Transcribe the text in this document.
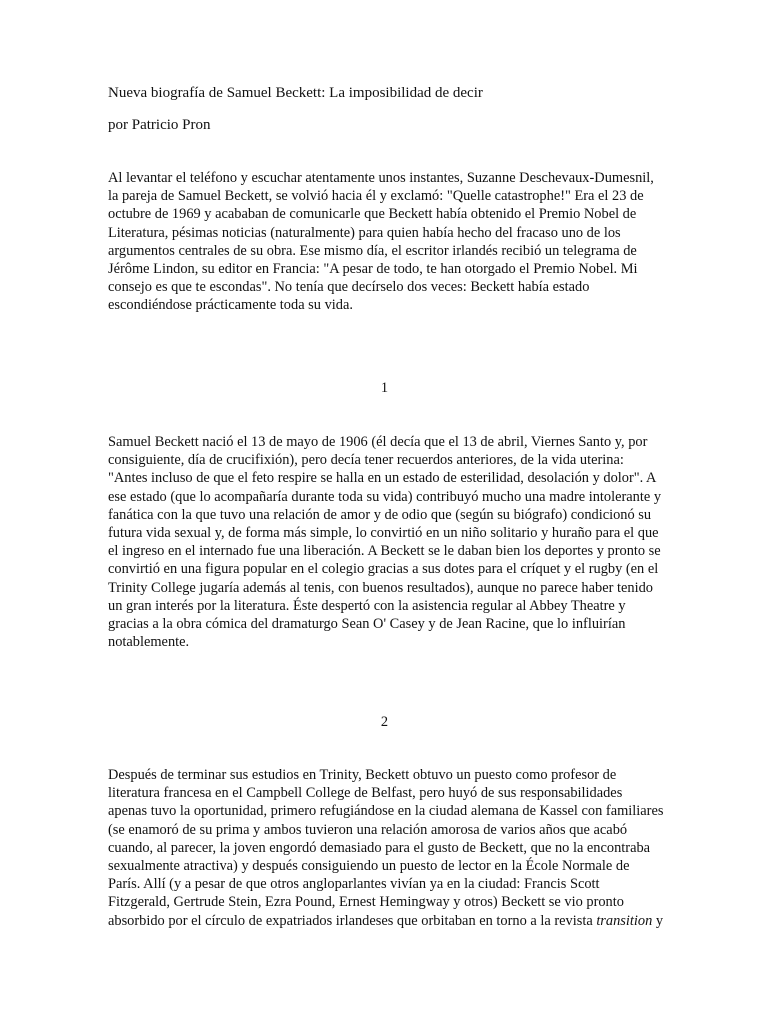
Nueva biografía de Samuel Beckett: La imposibilidad de decir

por Patricio Pron

Al levantar el teléfono y escuchar atentamente unos instantes, Suzanne Deschevaux-Dumesnil,
la pareja de Samuel Beckett, se volvió hacia él y exclamó: "Quelle catastrophe!" Era el 23 de
octubre de 1969 y acababan de comunicarle que Beckett había obtenido el Premio Nobel de
Literatura, pésimas noticias (naturalmente) para quien había hecho del fracaso uno de los
argumentos centrales de su obra. Ese mismo día, el escritor irlandés recibió un telegrama de
Jérôme Lindon, su editor en Francia: "A pesar de todo, te han otorgado el Premio Nobel. Mi
consejo es que te escondas". No tenía que decírselo dos veces: Beckett había estado
escondiéndose prácticamente toda su vida.

1

Samuel Beckett nació el 13 de mayo de 1906 (él decía que el 13 de abril, Viernes Santo y, por
consiguiente, día de crucifixión), pero decía tener recuerdos anteriores, de la vida uterina:
"Antes incluso de que el feto respire se halla en un estado de esterilidad, desolación y dolor". A
ese estado (que lo acompañaría durante toda su vida) contribuyó mucho una madre intolerante y
fanática con la que tuvo una relación de amor y de odio que (según su biógrafo) condicionó su
futura vida sexual y, de forma más simple, lo convirtió en un niño solitario y huraño para el que
el ingreso en el internado fue una liberación. A Beckett se le daban bien los deportes y pronto se
convirtió en una figura popular en el colegio gracias a sus dotes para el críquet y el rugby (en el
Trinity College jugaría además al tenis, con buenos resultados), aunque no parece haber tenido
un gran interés por la literatura. Éste despertó con la asistencia regular al Abbey Theatre y
gracias a la obra cómica del dramaturgo Sean O' Casey y de Jean Racine, que lo influirían
notablemente.

2

Después de terminar sus estudios en Trinity, Beckett obtuvo un puesto como profesor de
literatura francesa en el Campbell College de Belfast, pero huyó de sus responsabilidades
apenas tuvo la oportunidad, primero refugiándose en la ciudad alemana de Kassel con familiares
(se enamoró de su prima y ambos tuvieron una relación amorosa de varios años que acabó
cuando, al parecer, la joven engordó demasiado para el gusto de Beckett, que no la encontraba
sexualmente atractiva) y después consiguiendo un puesto de lector en la École Normale de
París. Allí (y a pesar de que otros angloparlantes vivían ya en la ciudad: Francis Scott
Fitzgerald, Gertrude Stein, Ezra Pound, Ernest Hemingway y otros) Beckett se vio pronto
absorbido por el círculo de expatriados irlandeses que orbitaban en torno a la revista transition y
